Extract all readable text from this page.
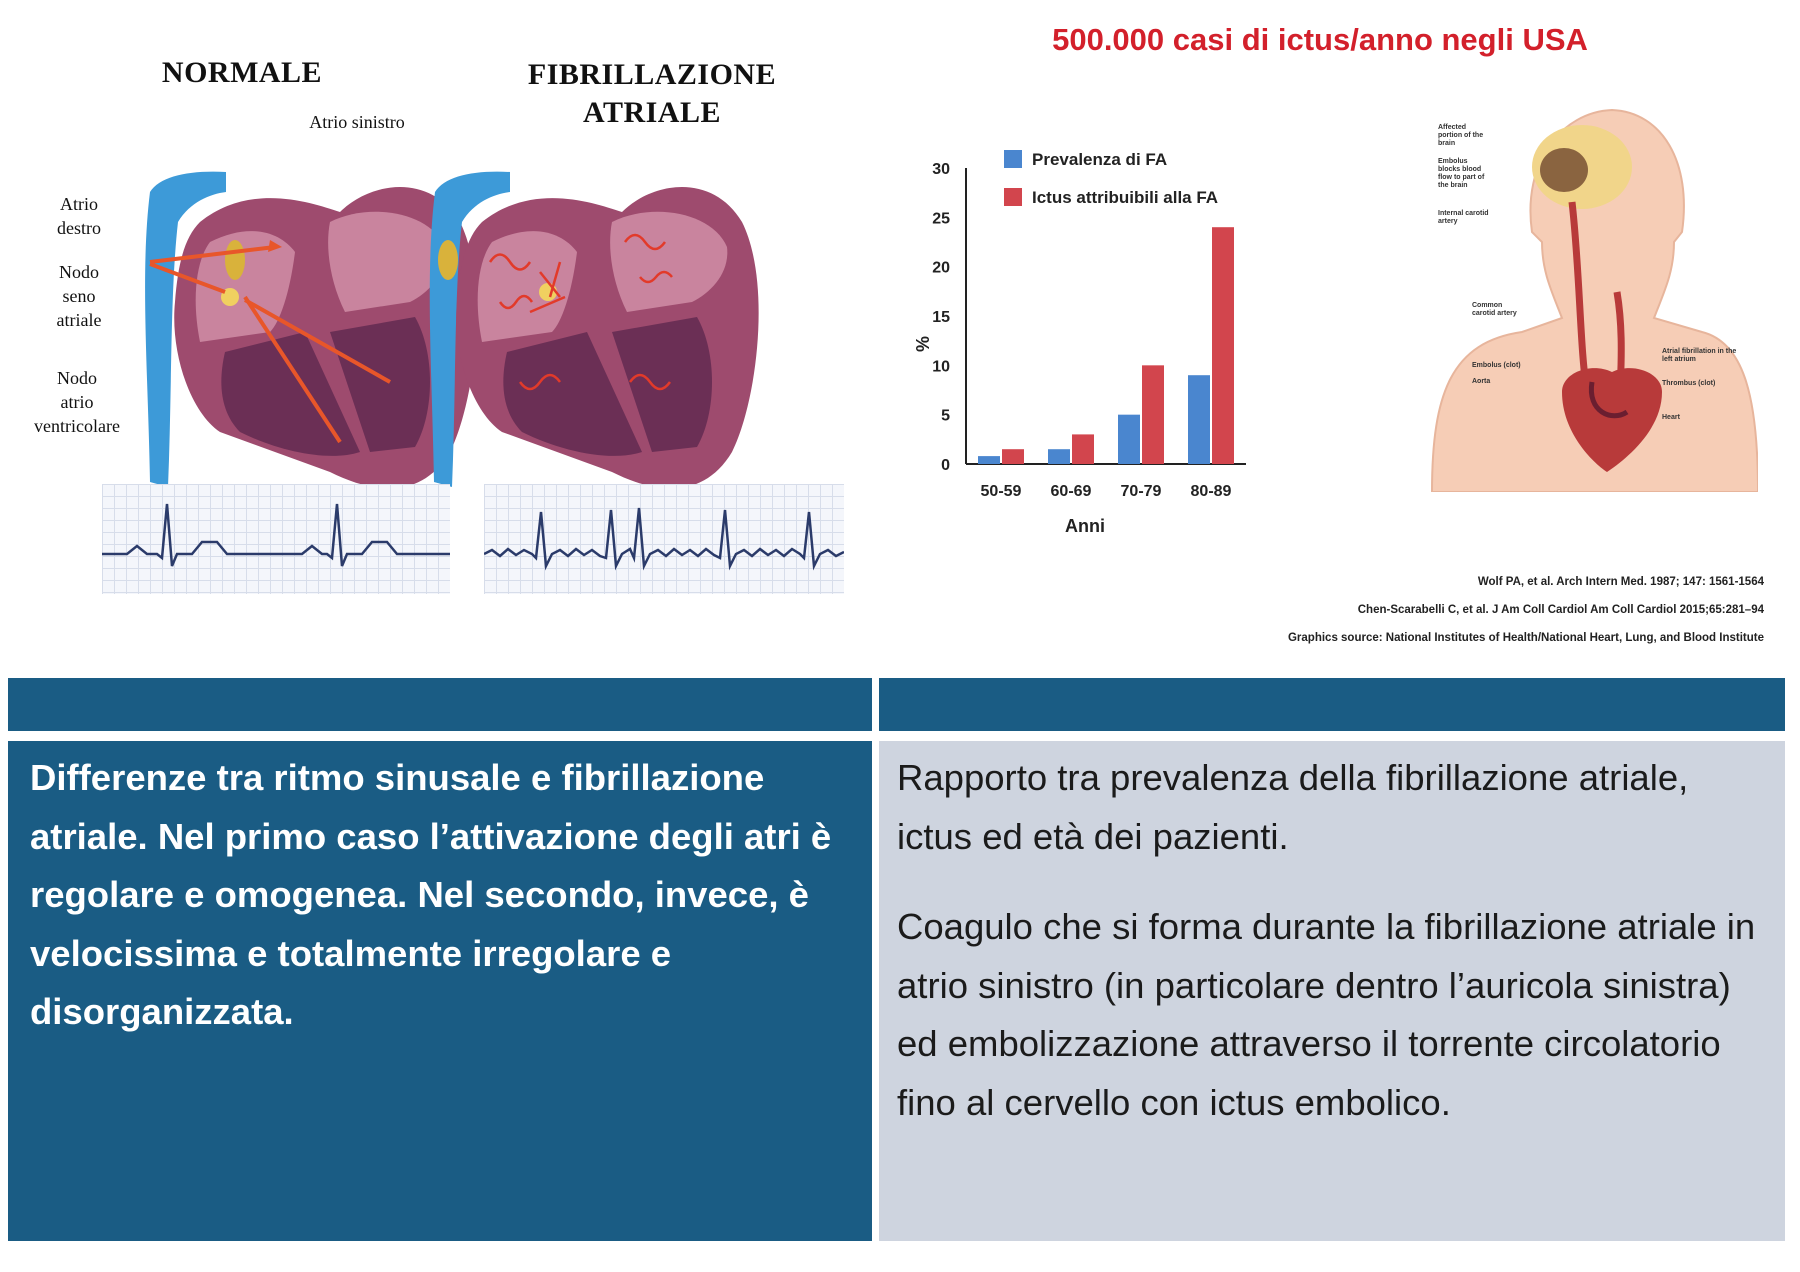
NORMALE	FIBRILLAZIONE
ATRIALE
Atrio sinistro
Atrio
destro
Nodo
seno
atriale
Nodo
atrio
ventricolare
500.000 casi di ictus/anno negli USA
0
5
10
15
20
25
30
50-59 60-69 70-79 80-89
Prevalenza di FA
Ictus attribuibili alla FA
Anni
%
Affected portion of the brain
Embolus blocks blood flow to part of the brain
Internal carotid artery
Common carotid artery
Embolus (clot)
Aorta
Atrial fibrillation in the left atrium
Thrombus (clot)
Heart
Wolf PA, et al. Arch Intern Med. 1987; 147: 1561-1564
Chen-Scarabelli C, et al. J Am Coll Cardiol Am Coll Cardiol 2015;65:281–94
Graphics source: National Institutes of Health/National Heart, Lung, and Blood Institute
Differenze tra ritmo sinusale e fibrillazione atriale. Nel primo caso l’attivazione degli atri è regolare e omogenea. Nel secondo, invece, è velocissima e totalmente irregolare e disorganizzata.

Rapporto tra prevalenza della fibrillazione atriale, ictus ed età dei pazienti.

Coagulo che si forma durante la fibrillazione atriale in atrio sinistro (in particolare dentro l’auricola sinistra) ed embolizzazione attraverso il torrente circolatorio fino al cervello con ictus embolico.
